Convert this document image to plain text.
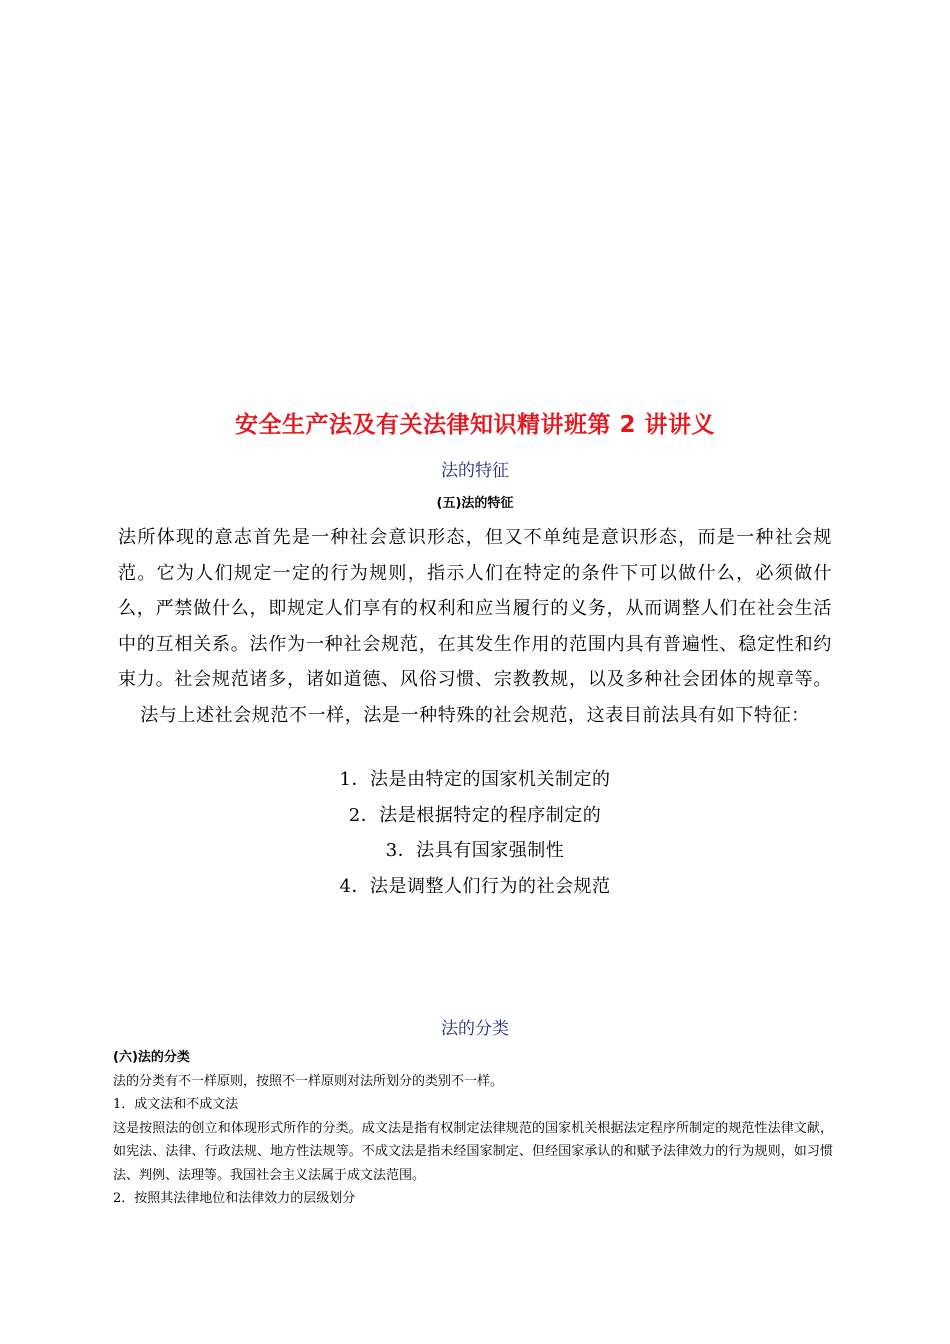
安全生产法及有关法律知识精讲班第 2 讲讲义
法的特征
(五)法的特征
法所体现的意志首先是一种社会意识形态，但又不单纯是意识形态，而是一种社会规范。它为人们规定一定的行为规则，指示人们在特定的条件下可以做什么，必须做什么，严禁做什么，即规定人们享有的权利和应当履行的义务，从而调整人们在社会生活中的互相关系。法作为一种社会规范，在其发生作用的范围内具有普遍性、稳定性和约束力。社会规范诸多，诸如道德、风俗习惯、宗教教规，以及多种社会团体的规章等。法与上述社会规范不一样，法是一种特殊的社会规范，这表目前法具有如下特征：
1．法是由特定的国家机关制定的
2．法是根据特定的程序制定的
3．法具有国家强制性
4．法是调整人们行为的社会规范
法的分类

(六)法的分类

法的分类有不一样原则，按照不一样原则对法所划分的类别不一样。

1．成文法和不成文法

这是按照法的创立和体现形式所作的分类。成文法是指有权制定法律规范的国家机关根据法定程序所制定的规范性法律文献，如宪法、法律、行政法规、地方性法规等。不成文法是指未经国家制定、但经国家承认的和赋予法律效力的行为规则，如习惯法、判例、法理等。我国社会主义法属于成文法范围。

2．按照其法律地位和法律效力的层级划分
